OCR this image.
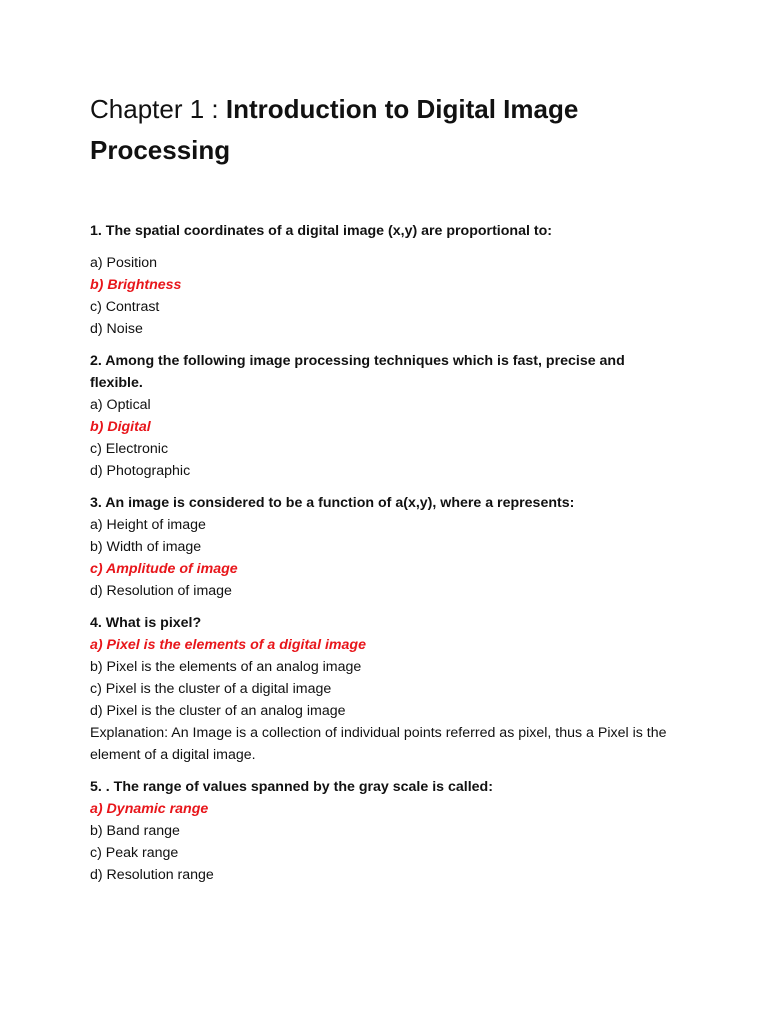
Chapter 1 : Introduction to Digital Image Processing

1. The spatial coordinates of a digital image (x,y) are proportional to:

a) Position

b) Brightness

c) Contrast

d) Noise

2. Among the following image processing techniques which is fast, precise and flexible.

a) Optical

b) Digital

c) Electronic

d) Photographic

3. An image is considered to be a function of a(x,y), where a represents:

a) Height of image

b) Width of image

c) Amplitude of image

d) Resolution of image

4. What is pixel?

a) Pixel is the elements of a digital image

b) Pixel is the elements of an analog image

c) Pixel is the cluster of a digital image

d) Pixel is the cluster of an analog image

Explanation: An Image is a collection of individual points referred as pixel, thus a Pixel is the element of a digital image.

5. . The range of values spanned by the gray scale is called:

a) Dynamic range

b) Band range

c) Peak range

d) Resolution range
